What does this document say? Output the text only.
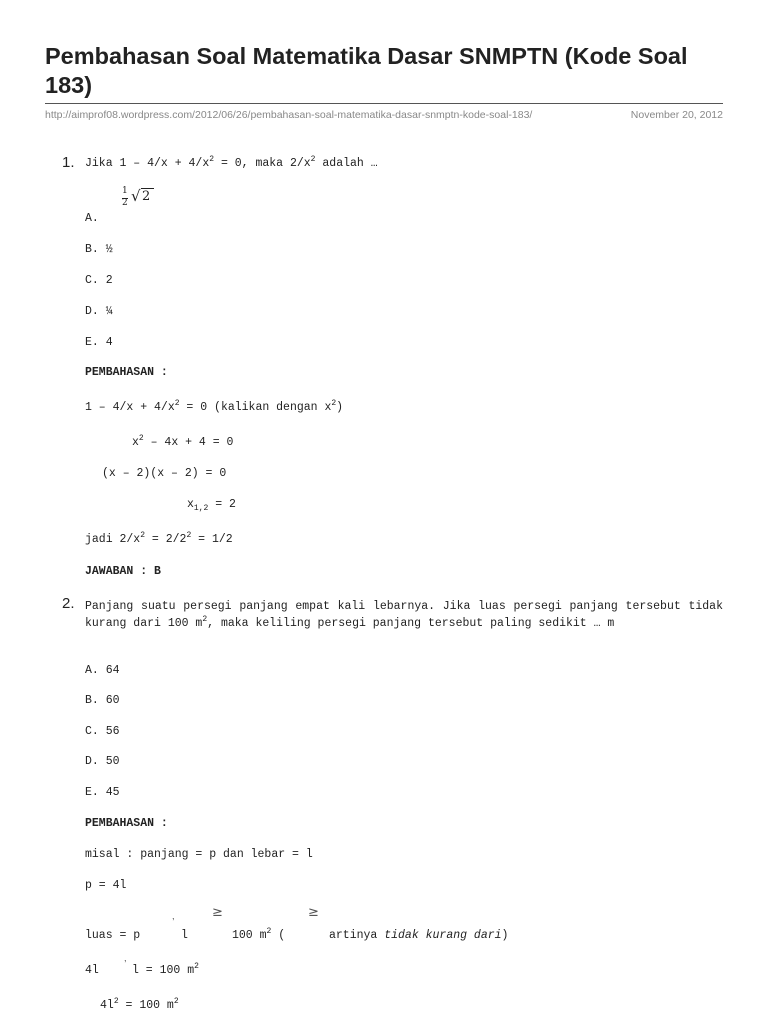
Pembahasan Soal Matematika Dasar SNMPTN (Kode Soal 183)
http://aimprof08.wordpress.com/2012/06/26/pembahasan-soal-matematika-dasar-snmptn-kode-soal-183/	November 20, 2012
1. Jika $1 - 4/x + 4/x^2 = 0$, maka $2/x^2$ adalah …
1
2 √ 2
A.
B. ½
C. 2
D. ¼
E. 4
PEMBAHASAN :
$1 - 4/x + 4/x^2 = 0$ (kalikan dengan $x^2$)
$x^2 - 4x + 4 = 0$
(x – 2)(x – 2) = 0
$x_{1,2} = 2$
jadi $2/x^2 = 2/2^2 = 1/2$
JAWABAN : B
2. Panjang suatu persegi panjang empat kali lebarnya. Jika luas persegi panjang tersebut tidak kurang dari 100 $m^2$, maka keliling persegi panjang tersebut paling sedikit … m
A. 64
B. 60
C. 56
D. 50
E. 45
PEMBAHASAN :
misal : panjang = p dan lebar = l
p = 4l
≥	≥
,
luas = p	l	100 $m^2$ (	artinya tidak kurang dari)
,
4l	l = 100 $m^2$
$4l^2 = 100$ $m^2$
